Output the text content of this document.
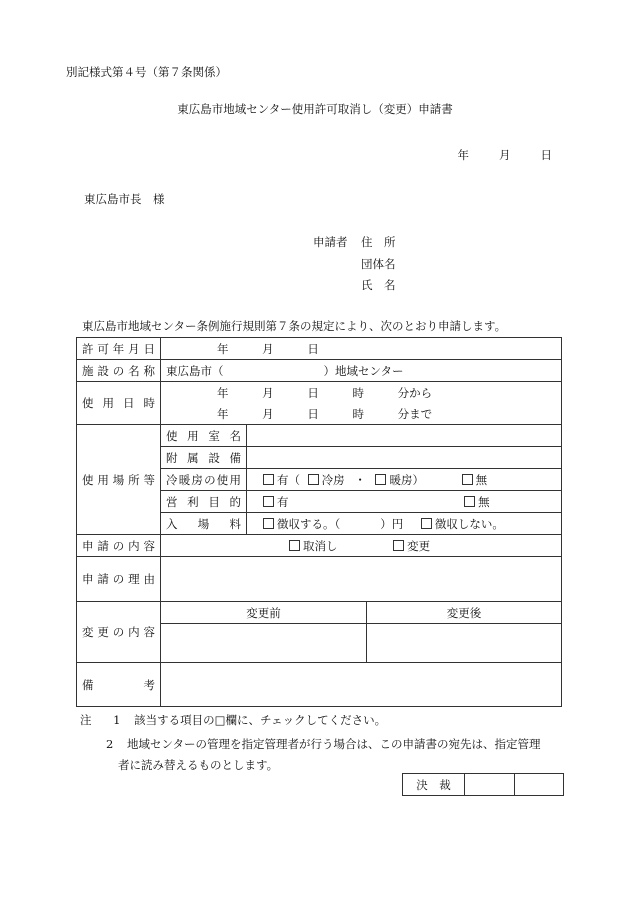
別記様式第４号（第７条関係）
東広島市地域センター使用許可取消し（変更）申請書
年	月	日
東広島市長　様
申請者 住　所
団体名
氏　名
東広島市地域センター条例施行規則第７条の規定により、次のとおり申請します。
許可年月日	年 月 日		
施設の名称	東広島市（ ）地域センター		
使用日時	年 月 日 時 分から		
	年 月 日 時 分まで		
使用場所等	使用室名		
	附属設備		
	冷暖房の使用	有（ 冷房 ・ 暖房） 無	
	営利目的	有 無	
	入場料	徴収する。（ ）円 徴収しない。	
申請の内容	取消し 変更		
申請の理由			
変更の内容	変更前		変更後

備考			
注 1 該当する項目の□欄に、チェックしてください。
2 地域センターの管理を指定管理者が行う場合は、この申請書の宛先は、指定管理
者に読み替えるものとします。
決　裁		
